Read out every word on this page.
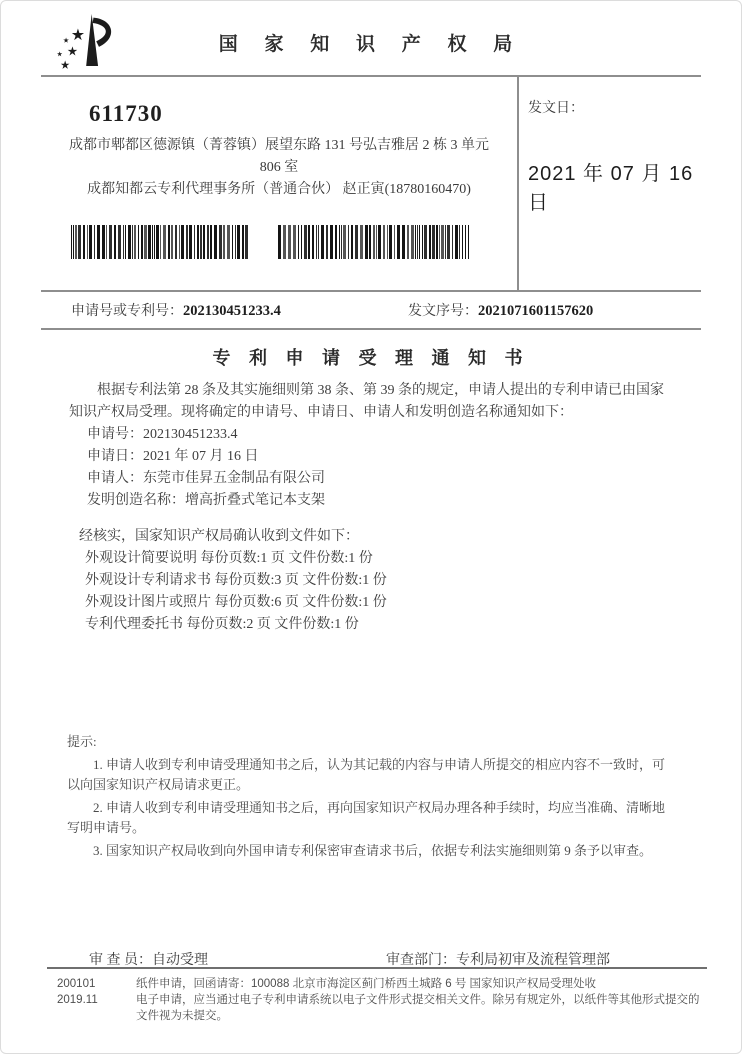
国 家 知 识 产 权 局
611730
成都市郫都区德源镇（菁蓉镇）展望东路 131 号弘吉雅居 2 栋 3 单元
806 室
成都知都云专利代理事务所（普通合伙） 赵正寅(18780160470)
发文日：
2021 年 07 月 16 日
申请号或专利号：202130451233.4	发文序号：2021071601157620
专 利 申 请 受 理 通 知 书
根据专利法第 28 条及其实施细则第 38 条、第 39 条的规定，申请人提出的专利申请已由国家知识产权局受理。现将确定的申请号、申请日、申请人和发明创造名称通知如下：
申请号：202130451233.4
申请日：2021 年 07 月 16 日
申请人：东莞市佳昇五金制品有限公司
发明创造名称：增高折叠式笔记本支架
经核实，国家知识产权局确认收到文件如下：
外观设计简要说明 每份页数:1 页 文件份数:1 份
外观设计专利请求书 每份页数:3 页 文件份数:1 份
外观设计图片或照片 每份页数:6 页 文件份数:1 份
专利代理委托书 每份页数:2 页 文件份数:1 份
提示:
1. 申请人收到专利申请受理通知书之后，认为其记载的内容与申请人所提交的相应内容不一致时，可以向国家知识产权局请求更正。
2. 申请人收到专利申请受理通知书之后，再向国家知识产权局办理各种手续时，均应当准确、清晰地写明申请号。
3. 国家知识产权局收到向外国申请专利保密审查请求书后，依据专利法实施细则第 9 条予以审查。
审 查 员：自动受理	审查部门：专利局初审及流程管理部
200101
2019.11
纸件申请，回函请寄：100088 北京市海淀区蓟门桥西土城路 6 号 国家知识产权局受理处收
电子申请，应当通过电子专利申请系统以电子文件形式提交相关文件。除另有规定外，以纸件等其他形式提交的文件视为未提交。
